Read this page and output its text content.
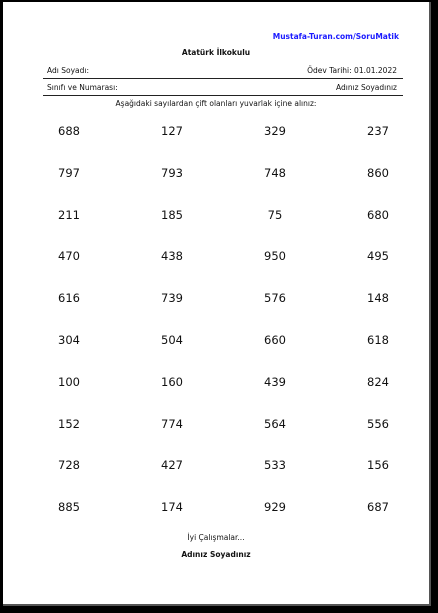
Mustafa-Turan.com/SoruMatik
Atatürk İlkokulu
Adı Soyadı:	Ödev Tarihi: 01.01.2022
Sınıfı ve Numarası:	Adınız Soyadınız
Aşağıdaki sayılardan çift olanları yuvarlak içine alınız:
688	127	329	237
797	793	748	860
211	185	75	680
470	438	950	495
616	739	576	148
304	504	660	618
100	160	439	824
152	774	564	556
728	427	533	156
885	174	929	687
İyi Çalışmalar...
Adınız Soyadınız
